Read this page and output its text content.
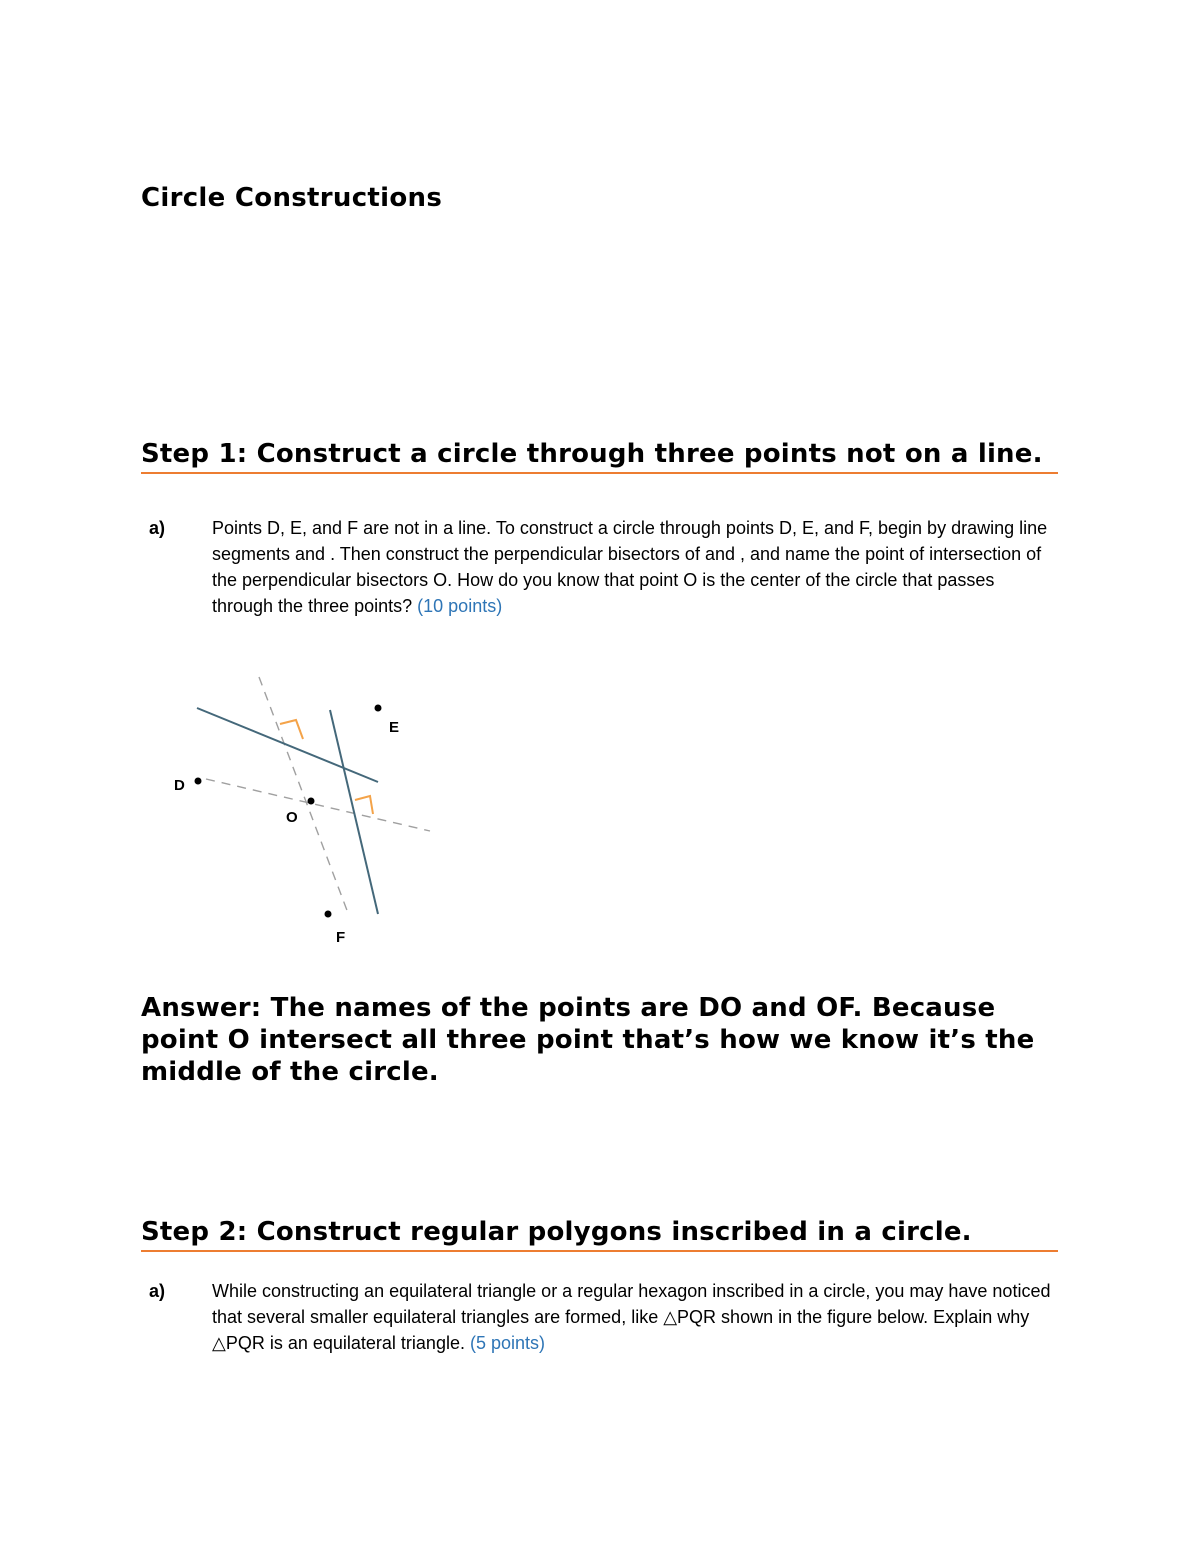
Circle Constructions
Step 1: Construct a circle through three points not on a line.
a)	Points D, E, and F are not in a line. To construct a circle through points D, E, and F, begin by drawing line segments and . Then construct the perpendicular bisectors of and , and name the point of intersection of the perpendicular bisectors O. How do you know that point O is the center of the circle that passes through the three points? (10 points)
D
E
O
F

Answer: The names of the points are DO and OF. Because point O intersect all three point that’s how we know it’s the middle of the circle.

Step 2: Construct regular polygons inscribed in a circle.
a)	While constructing an equilateral triangle or a regular hexagon inscribed in a circle, you may have noticed that several smaller equilateral triangles are formed, like △PQR shown in the figure below. Explain why △PQR is an equilateral triangle. (5 points)
